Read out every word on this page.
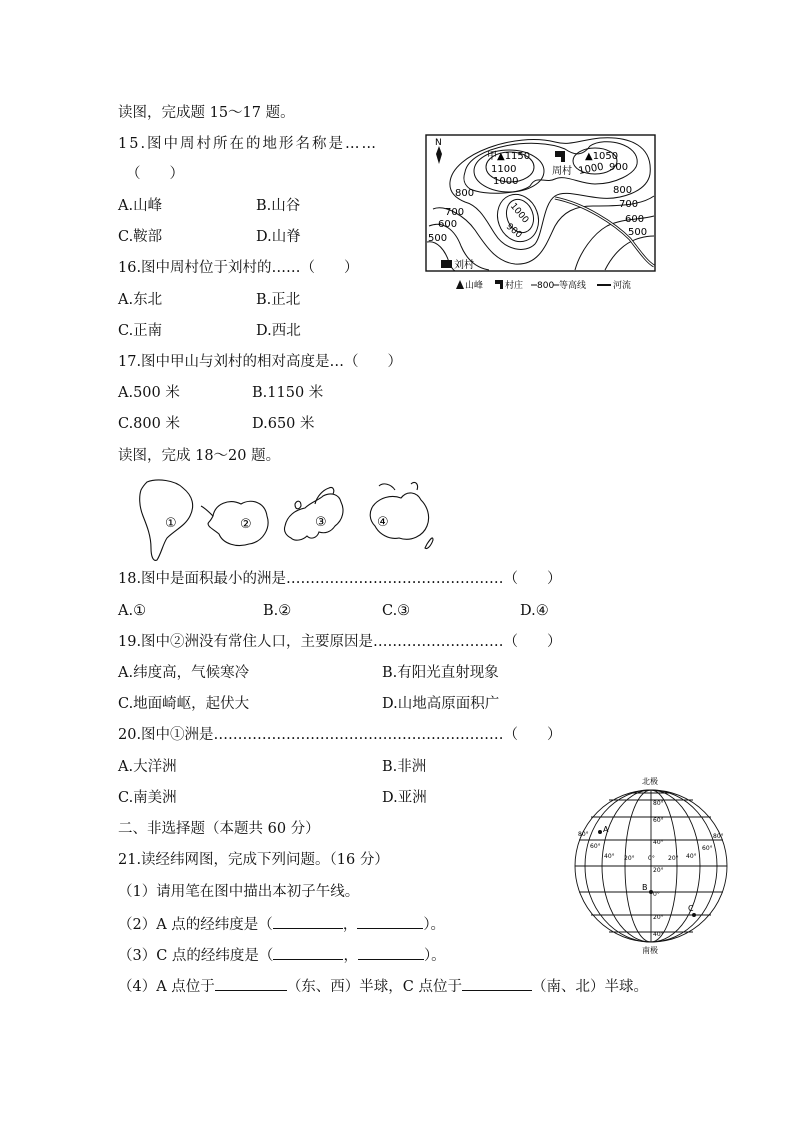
读图，完成题 15～17 题。
15.图中周村所在的地形名称是……
（　　）
A.山峰	B.山谷
C.鞍部	D.山脊
16.图中周村位于刘村的……（　　）
A.东北	B.正北
C.正南	D.西北
17.图中甲山与刘村的相对高度是…（　　）
A.500 米	B.1150 米
C.800 米	D.650 米
N
甲▲1150	▲1050
周村
刘村
1100
1000
1000 900
800	800
700
700
600	600
500
500
1000
900
山峰 村庄 800 等高线	河流
读图，完成 18～20 题。
①	②	③	④
18.图中是面积最小的洲是………………………………………（　　）
A.①	B.②	C.③	D.④
19.图中②洲没有常住人口，主要原因是………………………（　　）
A.纬度高，气候寒冷	B.有阳光直射现象
C.地面崎岖，起伏大	D.山地高原面积广
20.图中①洲是……………………………………………………（　　）
A.大洋洲	B.非洲
C.南美洲	D.亚洲
二、非选择题（本题共 60 分）
21.读经纬网图，完成下列问题。（16 分）
（1）请用笔在图中描出本初子午线。
（2）A 点的经纬度是（	，	）。
（3）C 点的经纬度是（	，	）。
（4）A 点位于	（东、西）半球，C 点位于	（南、北）半球。
北极
南极
A
B
C
80°
60°
40°
20°
0°
20°
40°
80°
60°
40° 20° 0° 20° 40°
60°
80°
